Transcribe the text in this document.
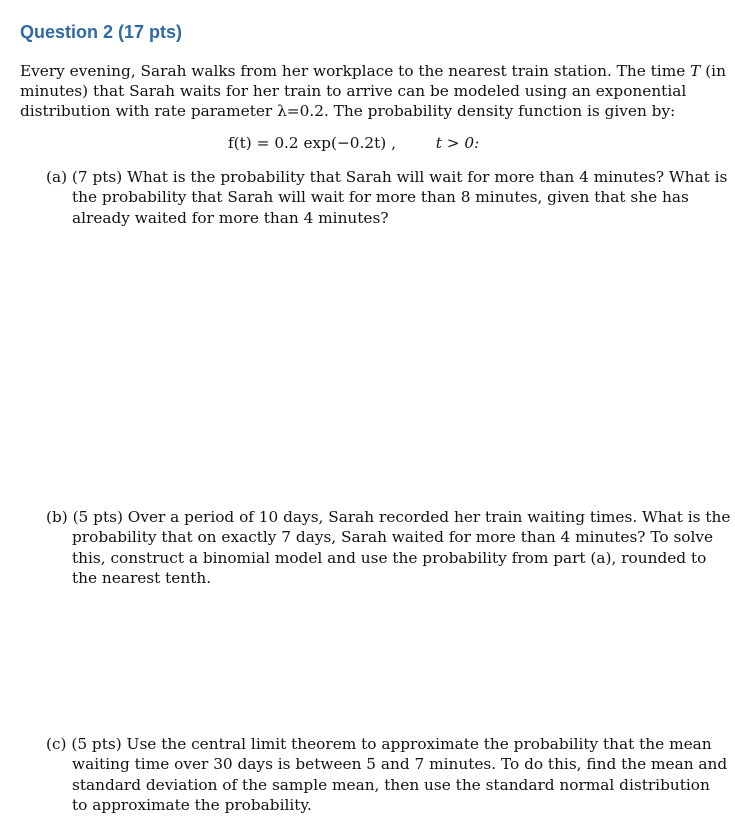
Question 2 (17 pts)
Every evening, Sarah walks from her workplace to the nearest train station. The time T (in
minutes) that Sarah waits for her train to arrive can be modeled using an exponential
distribution with rate parameter λ=0.2. The probability density function is given by:
f(t) = 0.2 exp(−0.2t) ,	t > 0:
(a) (7 pts) What is the probability that Sarah will wait for more than 4 minutes? What is
the probability that Sarah will wait for more than 8 minutes, given that she has
already waited for more than 4 minutes?
(b) (5 pts) Over a period of 10 days, Sarah recorded her train waiting times. What is the
probability that on exactly 7 days, Sarah waited for more than 4 minutes? To solve
this, construct a binomial model and use the probability from part (a), rounded to
the nearest tenth.
(c) (5 pts) Use the central limit theorem to approximate the probability that the mean
waiting time over 30 days is between 5 and 7 minutes. To do this, find the mean and
standard deviation of the sample mean, then use the standard normal distribution
to approximate the probability.
